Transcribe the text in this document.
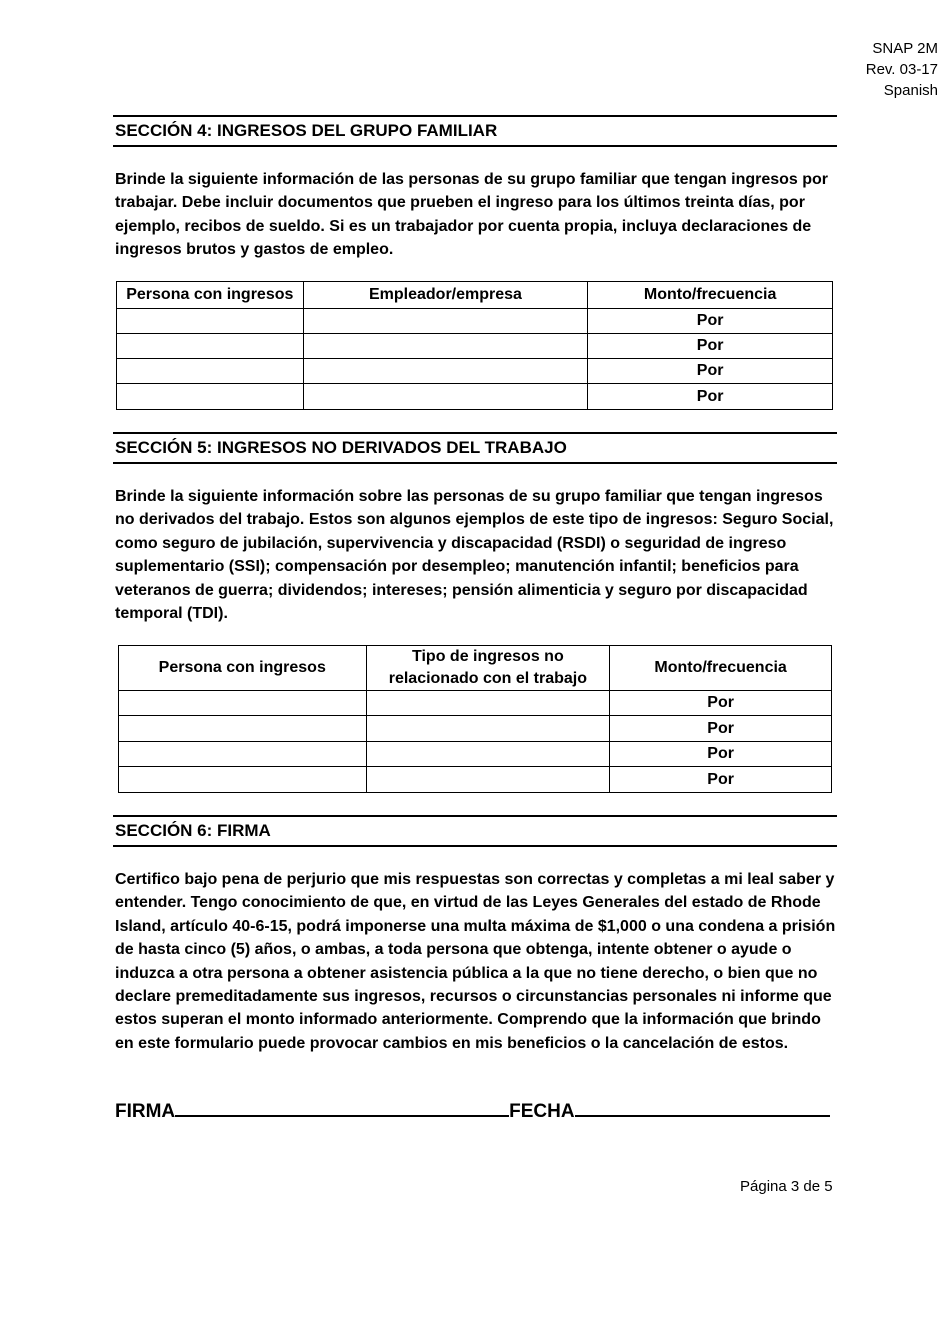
SNAP 2M
Rev. 03-17
Spanish
SECCIÓN 4: INGRESOS DEL GRUPO FAMILIAR
Brinde la siguiente información de las personas de su grupo familiar que tengan ingresos por trabajar. Debe incluir documentos que prueben el ingreso para los últimos treinta días, por ejemplo, recibos de sueldo. Si es un trabajador por cuenta propia, incluya declaraciones de ingresos brutos y gastos de empleo.
Persona con ingresos	Empleador/empresa	Monto/frecuencia
		Por
		Por
		Por
		Por
SECCIÓN 5: INGRESOS NO DERIVADOS DEL TRABAJO
Brinde la siguiente información sobre las personas de su grupo familiar que tengan ingresos no derivados del trabajo. Estos son algunos ejemplos de este tipo de ingresos: Seguro Social, como seguro de jubilación, supervivencia y discapacidad (RSDI) o seguridad de ingreso suplementario (SSI); compensación por desempleo; manutención infantil; beneficios para veteranos de guerra; dividendos; intereses; pensión alimenticia y seguro por discapacidad temporal (TDI).
Persona con ingresos	Tipo de ingresos no relacionado con el trabajo	Monto/frecuencia
		Por
		Por
		Por
		Por
SECCIÓN 6: FIRMA
Certifico bajo pena de perjurio que mis respuestas son correctas y completas a mi leal saber y entender. Tengo conocimiento de que, en virtud de las Leyes Generales del estado de Rhode Island, artículo 40-6-15, podrá imponerse una multa máxima de $1,000 o una condena a prisión de hasta cinco (5) años, o ambas, a toda persona que obtenga, intente obtener o ayude o induzca a otra persona a obtener asistencia pública a la que no tiene derecho, o bien que no declare premeditadamente sus ingresos, recursos o circunstancias personales ni informe que estos superan el monto informado anteriormente. Comprendo que la información que brindo en este formulario puede provocar cambios en mis beneficios o la cancelación de estos.
FIRMA	FECHA
Página 3 de 5
